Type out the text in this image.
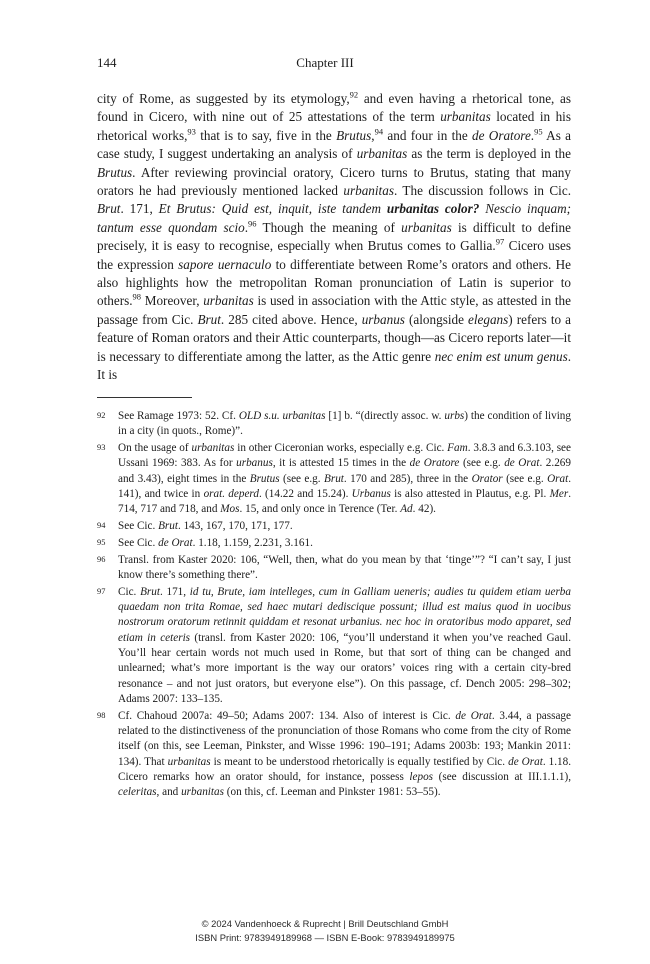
144	Chapter III

city of Rome, as suggested by its etymology,$^{92}$ and even having a rhetorical tone, as found in Cicero, with nine out of 25 attestations of the term urbanitas located in his rhetorical works,$^{93}$ that is to say, five in the Brutus,$^{94}$ and four in the de Oratore.$^{95}$ As a case study, I suggest undertaking an analysis of urbanitas as the term is deployed in the Brutus. After reviewing provincial oratory, Cicero turns to Brutus, stating that many orators he had previously mentioned lacked urbanitas. The discussion follows in Cic. Brut. 171, Et Brutus: Quid est, inquit, iste tandem urbanitas color? Nescio inquam; tantum esse quondam scio.$^{96}$ Though the meaning of urbanitas is difficult to define precisely, it is easy to recognise, especially when Brutus comes to Gallia.$^{97}$ Cicero uses the expression sapore uernaculo to differentiate between Rome’s orators and others. He also highlights how the metropolitan Roman pronunciation of Latin is superior to others.$^{98}$ Moreover, urbanitas is used in association with the Attic style, as attested in the passage from Cic. Brut. 285 cited above. Hence, urbanus (alongside elegans) refers to a feature of Roman orators and their Attic counterparts, though—as Cicero reports later—it is necessary to differentiate among the latter, as the Attic genre nec enim est unum genus. It is

92 See Ramage 1973: 52. Cf. OLD s.u. urbanitas [1] b. “(directly assoc. w. urbs) the condition of living in a city (in quots., Rome)”.
93 On the usage of urbanitas in other Ciceronian works, especially e.g. Cic. Fam. 3.8.3 and 6.3.103, see Ussani 1969: 383. As for urbanus, it is attested 15 times in the de Oratore (see e.g. de Orat. 2.269 and 3.43), eight times in the Brutus (see e.g. Brut. 170 and 285), three in the Orator (see e.g. Orat. 141), and twice in orat. deperd. (14.22 and 15.24). Urbanus is also attested in Plautus, e.g. Pl. Mer. 714, 717 and 718, and Mos. 15, and only once in Terence (Ter. Ad. 42).
94 See Cic. Brut. 143, 167, 170, 171, 177.
95 See Cic. de Orat. 1.18, 1.159, 2.231, 3.161.
96 Transl. from Kaster 2020: 106, “Well, then, what do you mean by that ‘tinge’”? “I can’t say, I just know there’s something there”.
97 Cic. Brut. 171, id tu, Brute, iam intelleges, cum in Galliam ueneris; audies tu quidem etiam uerba quaedam non trita Romae, sed haec mutari dediscique possunt; illud est maius quod in uocibus nostrorum oratorum retinnit quiddam et resonat urbanius. nec hoc in oratoribus modo apparet, sed etiam in ceteris (transl. from Kaster 2020: 106, “you’ll understand it when you’ve reached Gaul. You’ll hear certain words not much used in Rome, but that sort of thing can be changed and unlearned; what’s more important is the way our orators’ voices ring with a certain city-bred resonance – and not just orators, but everyone else”). On this passage, cf. Dench 2005: 298–302; Adams 2007: 133–135.
98 Cf. Chahoud 2007a: 49–50; Adams 2007: 134. Also of interest is Cic. de Orat. 3.44, a passage related to the distinctiveness of the pronunciation of those Romans who come from the city of Rome itself (on this, see Leeman, Pinkster, and Wisse 1996: 190–191; Adams 2003b: 193; Mankin 2011: 134). That urbanitas is meant to be understood rhetorically is equally testified by Cic. de Orat. 1.18. Cicero remarks how an orator should, for instance, possess lepos (see discussion at III.1.1.1), celeritas, and urbanitas (on this, cf. Leeman and Pinkster 1981: 53–55).
© 2024 Vandenhoeck & Ruprecht | Brill Deutschland GmbH
ISBN Print: 9783949189968 — ISBN E-Book: 9783949189975
